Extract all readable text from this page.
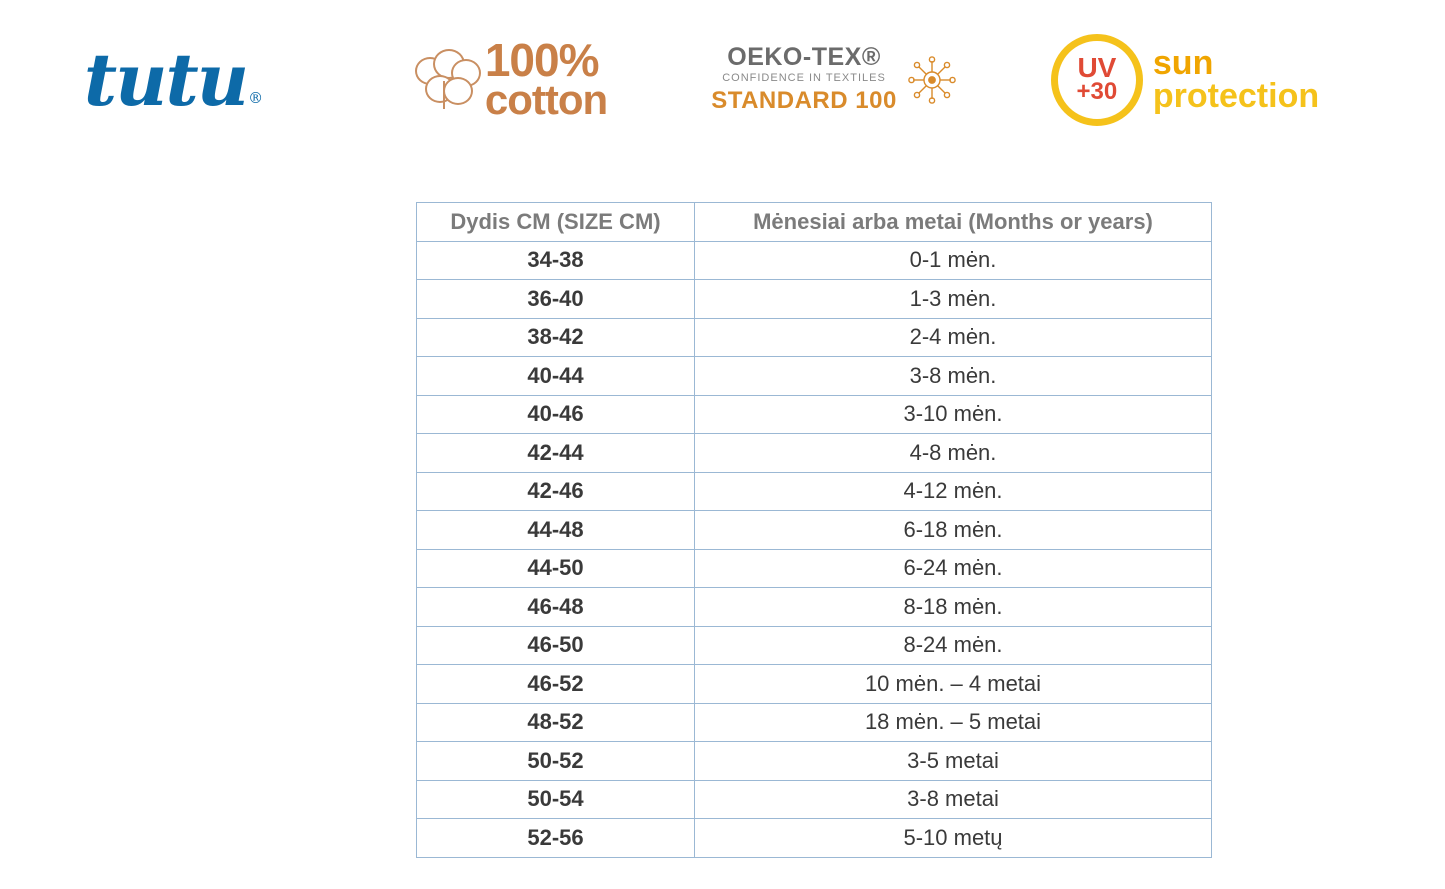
tutu ®
100%
cotton
OEKO-TEX®
CONFIDENCE IN TEXTILES
STANDARD 100
UV
+30
sun
protection
Dydis CM (SIZE CM)	Mėnesiai arba metai (Months or years)
34-38	0-1 mėn.
36-40	1-3 mėn.
38-42	2-4 mėn.
40-44	3-8 mėn.
40-46	3-10 mėn.
42-44	4-8 mėn.
42-46	4-12 mėn.
44-48	6-18 mėn.
44-50	6-24 mėn.
46-48	8-18 mėn.
46-50	8-24 mėn.
46-52	10 mėn. – 4 metai
48-52	18 mėn. – 5 metai
50-52	3-5 metai
50-54	3-8 metai
52-56	5-10 metų
